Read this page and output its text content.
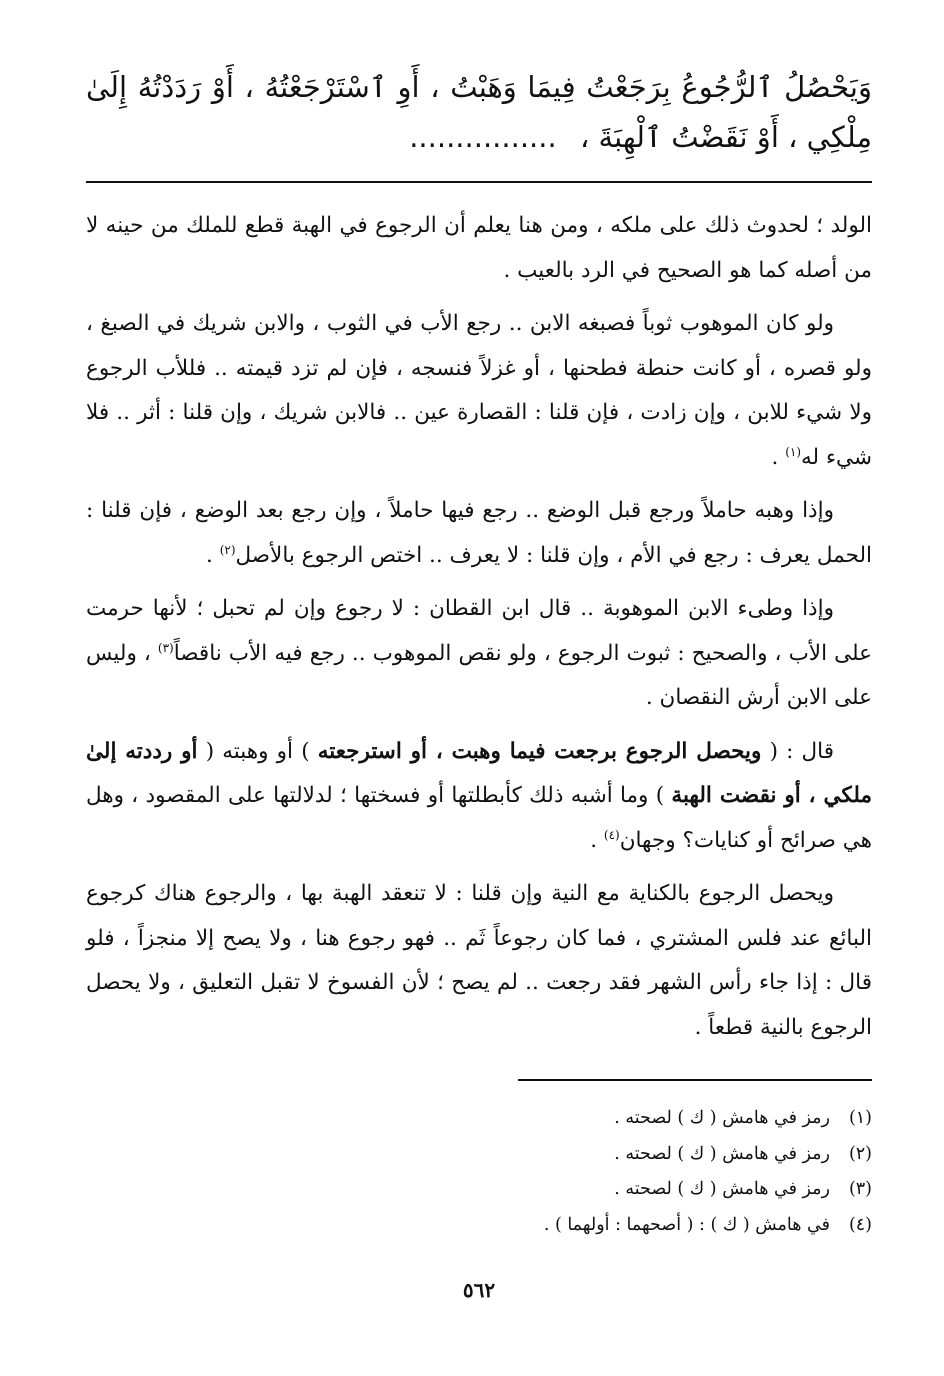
وَيَحْصُلُ ٱلرُّجُوعُ بِرَجَعْتُ فِيمَا وَهَبْتُ ، أَوِ ٱسْتَرْجَعْتُهُ ، أَوْ رَدَدْتُهُ إِلَىٰ مِلْكِي ، أَوْ نَقَضْتُ ٱلْهِبَةَ ، ................

الولد ؛ لحدوث ذلك على ملكه ، ومن هنا يعلم أن الرجوع في الهبة قطع للملك من حينه لا من أصله كما هو الصحيح في الرد بالعيب .

ولو كان الموهوب ثوباً فصبغه الابن .. رجع الأب في الثوب ، والابن شريك في الصبغ ، ولو قصره ، أو كانت حنطة فطحنها ، أو غزلاً فنسجه ، فإن لم تزد قيمته .. فللأب الرجوع ولا شيء للابن ، وإن زادت ، فإن قلنا : القصارة عين .. فالابن شريك ، وإن قلنا : أثر .. فلا شيء له$^{(١)}$ .

وإذا وهبه حاملاً ورجع قبل الوضع .. رجع فيها حاملاً ، وإن رجع بعد الوضع ، فإن قلنا : الحمل يعرف : رجع في الأم ، وإن قلنا : لا يعرف .. اختص الرجوع بالأصل$^{(٢)}$ .

وإذا وطىء الابن الموهوبة .. قال ابن القطان : لا رجوع وإن لم تحبل ؛ لأنها حرمت على الأب ، والصحيح : ثبوت الرجوع ، ولو نقص الموهوب .. رجع فيه الأب ناقصاً$^{(٣)}$ ، وليس على الابن أرش النقصان .

قال : ( ويحصل الرجوع برجعت فيما وهبت ، أو استرجعته ) أو وهبته ( أو رددته إلىٰ ملكي ، أو نقضت الهبة ) وما أشبه ذلك كأبطلتها أو فسختها ؛ لدلالتها على المقصود ، وهل هي صرائح أو كنايات؟ وجهان$^{(٤)}$ .

ويحصل الرجوع بالكناية مع النية وإن قلنا : لا تنعقد الهبة بها ، والرجوع هناك كرجوع البائع عند فلس المشتري ، فما كان رجوعاً ثَم .. فهو رجوع هنا ، ولا يصح إلا منجزاً ، فلو قال : إذا جاء رأس الشهر فقد رجعت .. لم يصح ؛ لأن الفسوخ لا تقبل التعليق ، ولا يحصل الرجوع بالنية قطعاً .

(١)
رمز في هامش ( ك ) لصحته .
(٢)
رمز في هامش ( ك ) لصحته .
(٣)
رمز في هامش ( ك ) لصحته .
(٤)
في هامش ( ك ) : ( أصحهما : أولهما ) .
٥٦٢
